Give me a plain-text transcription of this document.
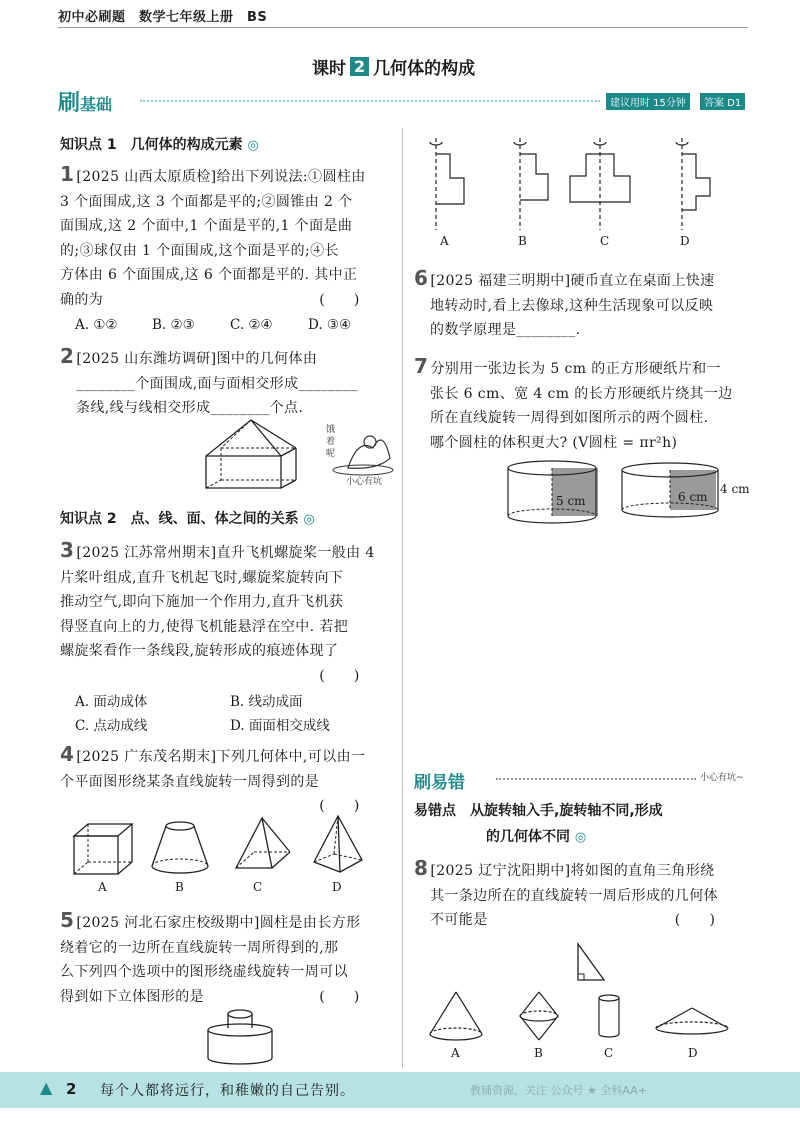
初中必刷题　数学七年级上册　BS
课时 2 几何体的构成
刷基础	建议用时 15分钟	答案 D1
知识点 1　几何体的构成元素 ◎
1 [2025 山西太原质检]给出下列说法:①圆柱由
3 个面围成,这 3 个面都是平的;②圆锥由 2 个
面围成,这 2 个面中,1 个面是平的,1 个面是曲
的;③球仅由 1 个面围成,这个面是平的;④长
方体由 6 个面围成,这 6 个面都是平的. 其中正
确的为　　　　　　　　　　　　　　　(　　)
A. ①②	B. ②③	C. ②④	D. ③④
2 [2025 山东潍坊调研]图中的几何体由
________个面围成,面与面相交形成________
条线,线与线相交形成________个点.
饿
着
呢
小心有坑
知识点 2　点、线、面、体之间的关系 ◎
3 [2025 江苏常州期末]直升飞机螺旋桨一般由 4
片桨叶组成,直升飞机起飞时,螺旋桨旋转向下
推动空气,即向下施加一个作用力,直升飞机获
得竖直向上的力,使得飞机能悬浮在空中. 若把
螺旋桨看作一条线段,旋转形成的痕迹体现了
　　　　　　　　　　　　　　　　　　(　　)
A. 面动成体	B. 线动成面
C. 点动成线	D. 面面相交成线
4 [2025 广东茂名期末]下列几何体中,可以由一
个平面图形绕某条直线旋转一周得到的是
　　　　　　　　　　　　　　　　　　(　　)
A	B	C	D
5 [2025 河北石家庄校级期中]圆柱是由长方形
绕着它的一边所在直线旋转一周所得到的,那
么下列四个选项中的图形绕虚线旋转一周可以
得到如下立体图形的是　　　　　　　　(　　)
A	B	C	D
6 [2025 福建三明期中]硬币直立在桌面上快速
地转动时,看上去像球,这种生活现象可以反映
的数学原理是________.
7 分别用一张边长为 5 cm 的正方形硬纸片和一
张长 6 cm、宽 4 cm 的长方形硬纸片绕其一边
所在直线旋转一周得到如图所示的两个圆柱.
哪个圆柱的体积更大? (V圆柱 = πr²h)
5 cm	6 cm
4 cm
刷易错	小心有坑~
易错点　从旋转轴入手,旋转轴不同,形成
的几何体不同 ◎
8 [2025 辽宁沈阳期中]将如图的直角三角形绕
其一条边所在的直线旋转一周后形成的几何体
不可能是　　　　　　　　　　　　　(　　)
A	B	C	D
▲ 2 每个人都将远行，和稚嫩的自己告别。	教辅资源，关注 公众号 ★ 全科AA+
